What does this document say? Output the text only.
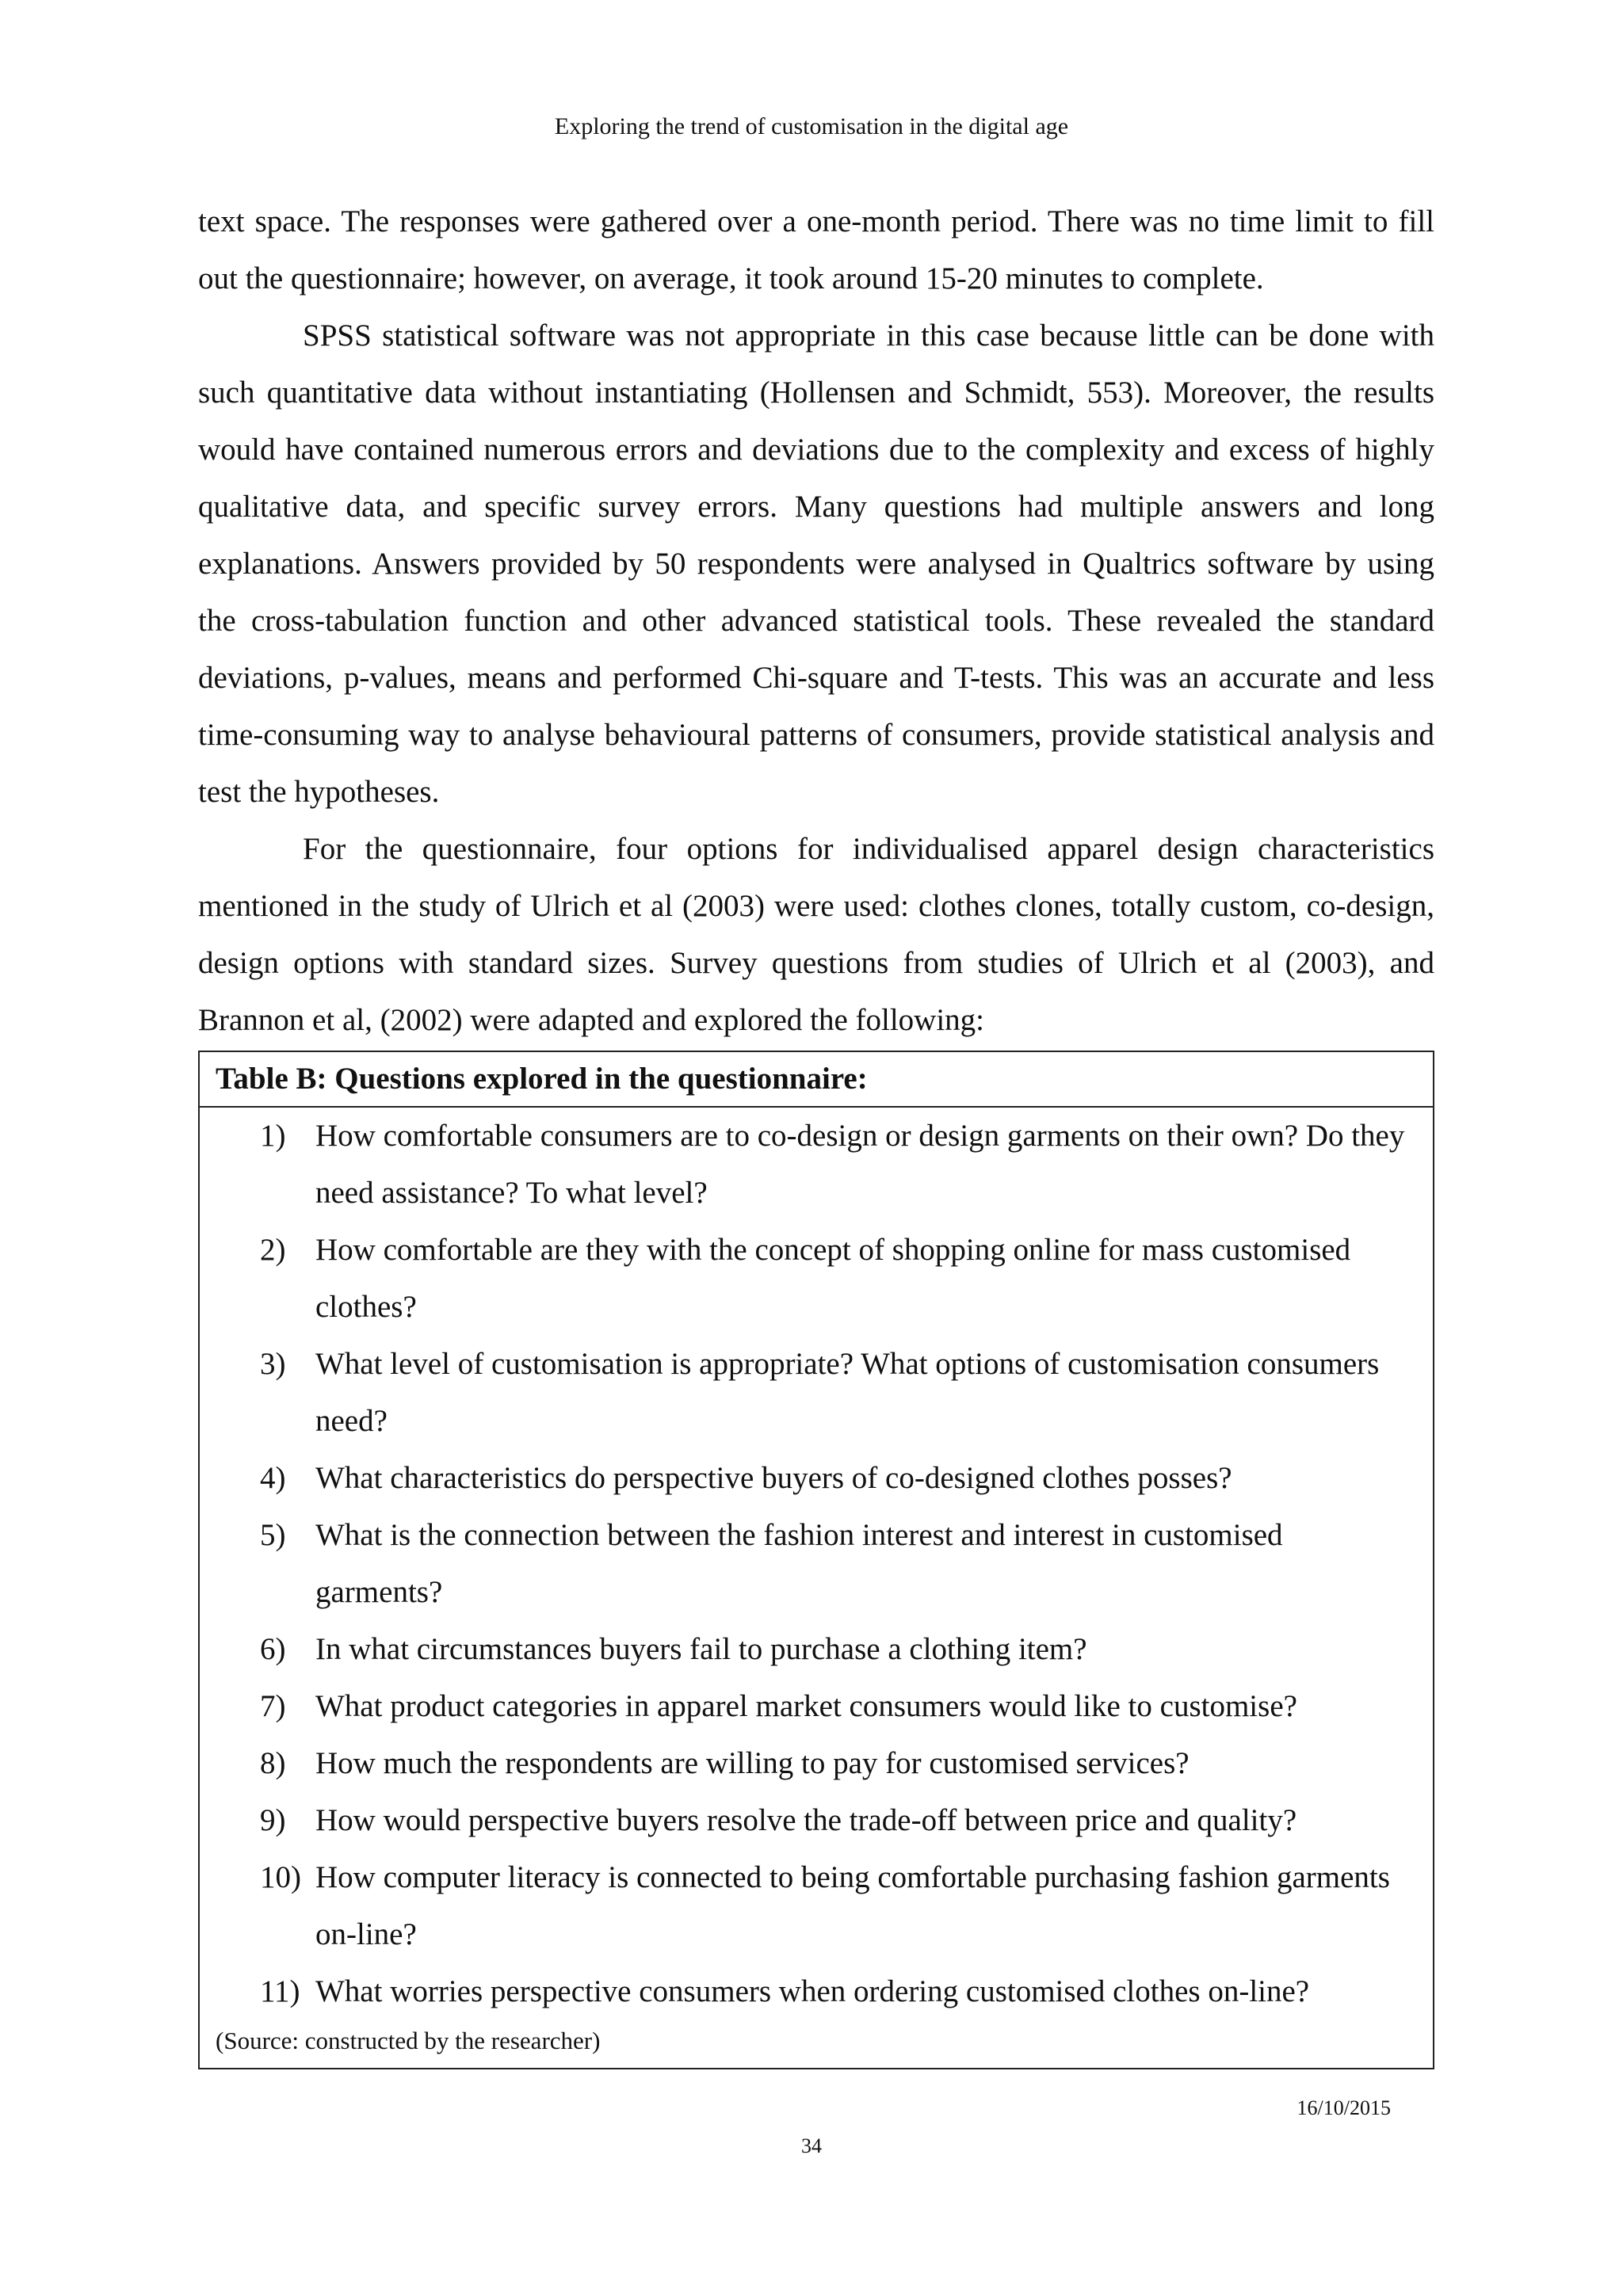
Exploring the trend of customisation in the digital age

text space. The responses were gathered over a one-month period. There was no time limit to fill out the questionnaire; however, on average, it took around 15-20 minutes to complete.

SPSS statistical software was not appropriate in this case because little can be done with such quantitative data without instantiating (Hollensen and Schmidt, 553). Moreover, the results would have contained numerous errors and deviations due to the complexity and excess of highly qualitative data, and specific survey errors. Many questions had multiple answers and long explanations. Answers provided by 50 respondents were analysed in Qualtrics software by using the cross-tabulation function and other advanced statistical tools. These revealed the standard deviations, p-values, means and performed Chi-square and T-tests. This was an accurate and less time-consuming way to analyse behavioural patterns of consumers, provide statistical analysis and test the hypotheses.

For the questionnaire, four options for individualised apparel design characteristics mentioned in the study of Ulrich et al (2003) were used: clothes clones, totally custom, co-design, design options with standard sizes. Survey questions from studies of Ulrich et al (2003), and Brannon et al, (2002) were adapted and explored the following:

Table B: Questions explored in the questionnaire:
1) How comfortable consumers are to co-design or design garments on their own? Do they need assistance? To what level?
2) How comfortable are they with the concept of shopping online for mass customised clothes?
3) What level of customisation is appropriate? What options of customisation consumers need?
4) What characteristics do perspective buyers of co-designed clothes posses?
5) What is the connection between the fashion interest and interest in customised garments?
6) In what circumstances buyers fail to purchase a clothing item?
7) What product categories in apparel market consumers would like to customise?
8) How much the respondents are willing to pay for customised services?
9) How would perspective buyers resolve the trade-off between price and quality?
10) How computer literacy is connected to being comfortable purchasing fashion garments on-line?
11) What worries perspective consumers when ordering customised clothes on-line?
(Source: constructed by the researcher)
16/10/2015
34
